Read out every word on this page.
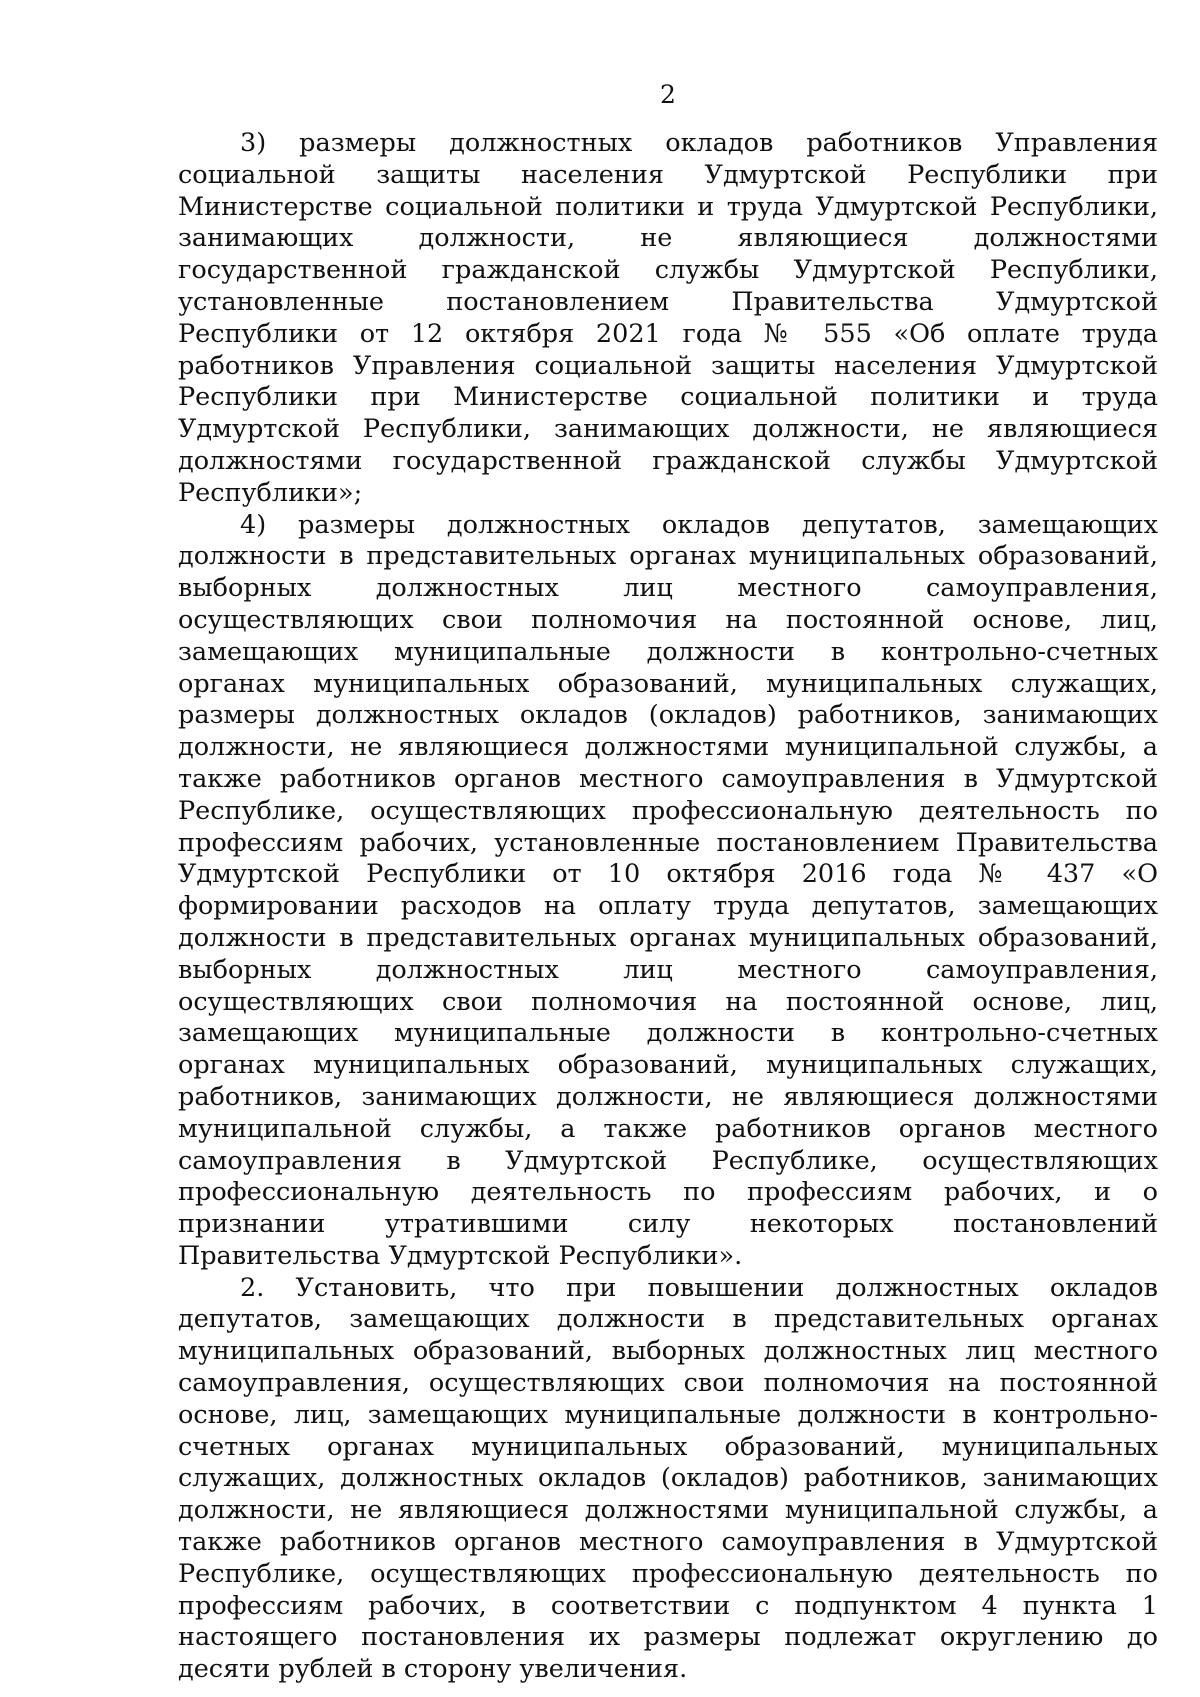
2

3) размеры должностных окладов работников Управления социальной защиты населения Удмуртской Республики при Министерстве социальной политики и труда Удмуртской Республики, занимающих должности, не являющиеся должностями государственной гражданской службы Удмуртской Республики, установленные постановлением Правительства Удмуртской Республики от 12 октября 2021 года № 555 «Об оплате труда работников Управления социальной защиты населения Удмуртской Республики при Министерстве социальной политики и труда Удмуртской Республики, занимающих должности, не являющиеся должностями государственной гражданской службы Удмуртской Республики»;

4) размеры должностных окладов депутатов, замещающих должности в представительных органах муниципальных образований, выборных должностных лиц местного самоуправления, осуществляющих свои полномочия на постоянной основе, лиц, замещающих муниципальные должности в контрольно-счетных органах муниципальных образований, муниципальных служащих, размеры должностных окладов (окладов) работников, занимающих должности, не являющиеся должностями муниципальной службы, а также работников органов местного самоуправления в Удмуртской Республике, осуществляющих профессиональную деятельность по профессиям рабочих, установленные постановлением Правительства Удмуртской Республики от 10 октября 2016 года № 437 «О формировании расходов на оплату труда депутатов, замещающих должности в представительных органах муниципальных образований, выборных должностных лиц местного самоуправления, осуществляющих свои полномочия на постоянной основе, лиц, замещающих муниципальные должности в контрольно-счетных органах муниципальных образований, муниципальных служащих, работников, занимающих должности, не являющиеся должностями муниципальной службы, а также работников органов местного самоуправления в Удмуртской Республике, осуществляющих профессиональную деятельность по профессиям рабочих, и о признании утратившими силу некоторых постановлений Правительства Удмуртской Республики».

2. Установить, что при повышении должностных окладов депутатов, замещающих должности в представительных органах муниципальных образований, выборных должностных лиц местного самоуправления, осуществляющих свои полномочия на постоянной основе, лиц, замещающих муниципальные должности в контрольно-счетных органах муниципальных образований, муниципальных служащих, должностных окладов (окладов) работников, занимающих должности, не являющиеся должностями муниципальной службы, а также работников органов местного самоуправления в Удмуртской Республике, осуществляющих профессиональную деятельность по профессиям рабочих, в соответствии с подпунктом 4 пункта 1 настоящего постановления их размеры подлежат округлению до десяти рублей в сторону увеличения.
